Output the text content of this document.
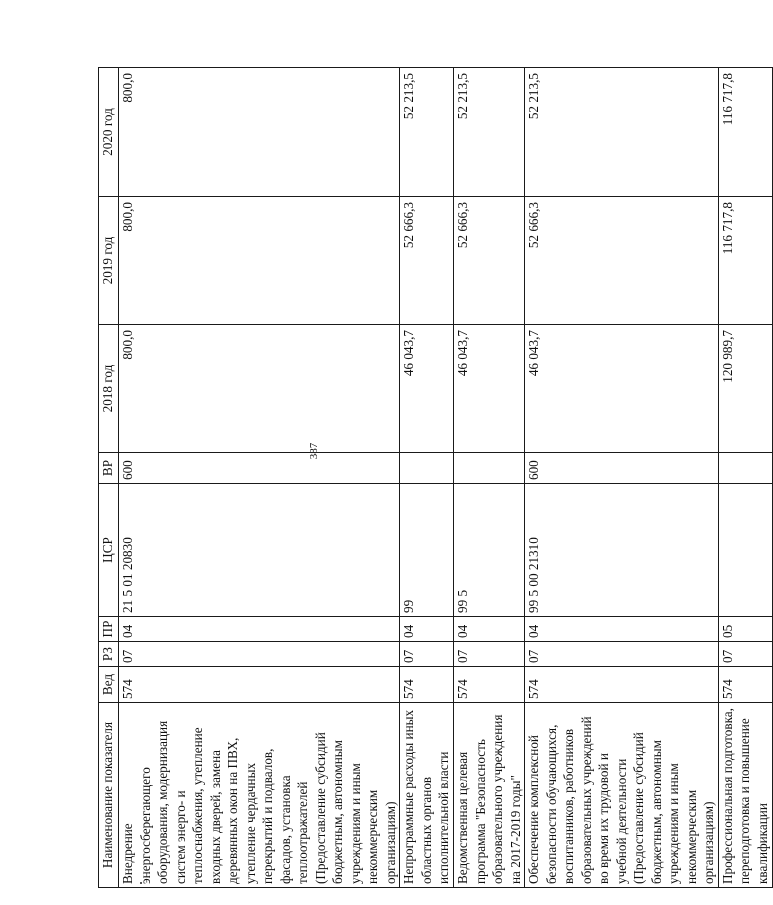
387
Наименование показателя	Вед	РЗ	ПР	ЦСР	ВР	2018 год	2019 год	2020 год
Внедрение энергосберегающего оборудования, модернизация систем энерго- и теплоснабжения, утепление входных дверей, замена деревянных окон на ПВХ, утепление чердачных перекрытий и подвалов, фасадов, установка теплоотражателей (Предоставление субсидий бюджетным, автономным учреждениям и иным некоммерческим организациям)	574	07	04	21 5 01 20830	600	800,0	800,0	800,0
Непрограммные расходы иных областных органов исполнительной власти	574	07	04	99		46 043,7	52 666,3	52 213,5
Ведомственная целевая программа "Безопасность образовательного учреждения на 2017-2019 годы"	574	07	04	99 5		46 043,7	52 666,3	52 213,5
Обеспечение комплексной безопасности обучающихся, воспитанников, работников образовательных учреждений во время их трудовой и учебной деятельности (Предоставление субсидий бюджетным, автономным учреждениям и иным некоммерческим организациям)	574	07	04	99 5 00 21310	600	46 043,7	52 666,3	52 213,5
Профессиональная подготовка, переподготовка и повышение квалификации	574	07	05			120 989,7	116 717,8	116 717,8
